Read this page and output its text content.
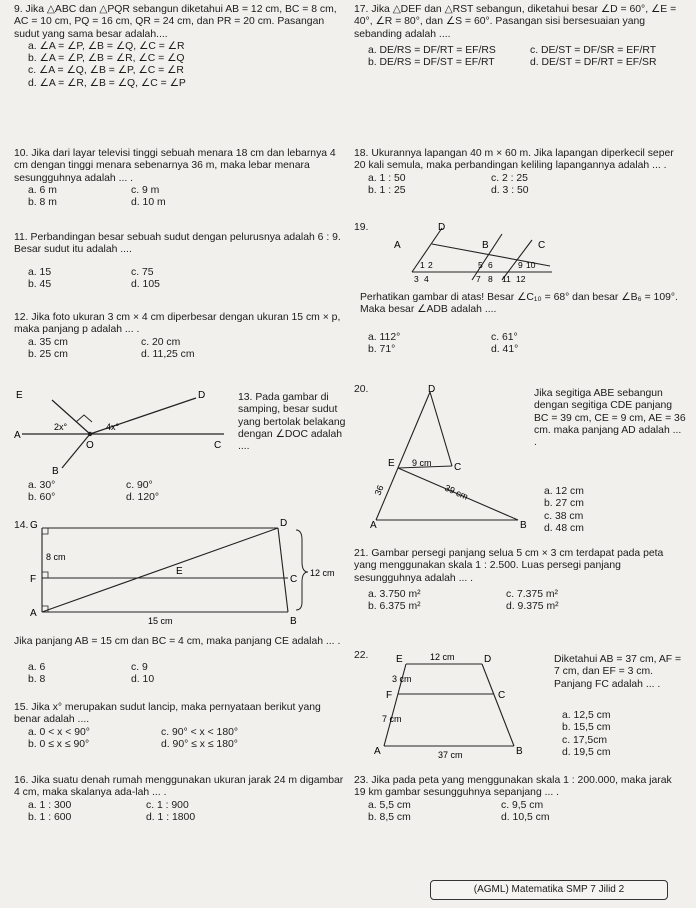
9. Jika △ABC dan △PQR sebangun diketahui AB = 12 cm, BC = 8 cm, AC = 10 cm, PQ = 16 cm, QR = 24 cm, dan PR = 20 cm. Pasangan sudut yang sama besar adalah....
a. ∠A = ∠P, ∠B = ∠Q, ∠C = ∠R
b. ∠A = ∠P, ∠B = ∠R, ∠C = ∠Q
c. ∠A = ∠Q, ∠B = ∠P, ∠C = ∠R
d. ∠A = ∠R, ∠B = ∠Q, ∠C = ∠P
10. Jika dari layar televisi tinggi sebuah menara 18 cm dan lebarnya 4 cm dengan tinggi menara sebenarnya 36 m, maka lebar menara sesungguhnya adalah ... .
a. 6 m	c. 9 m
b. 8 m	d. 10 m
11. Perbandingan besar sebuah sudut dengan pelurusnya adalah 6 : 9. Besar sudut itu adalah ....
a. 15	c. 75
b. 45	d. 105
12. Jika foto ukuran 3 cm × 4 cm diperbesar dengan ukuran 15 cm × p, maka panjang p adalah ... .
a. 35 cm	c. 20 cm
b. 25 cm	d. 11,25 cm
E	D
A
O	C
B
2x°	4x°
13. Pada gambar di samping, besar sudut yang bertolak belakang dengan ∠DOC adalah ....
a. 30°	c. 90°
b. 60°	d. 120°
14. G	D
F
E
C
A
B
8 cm
15 cm
12 cm
Jika panjang AB = 15 cm dan BC = 4 cm, maka panjang CE adalah ... .
a. 6	c. 9
b. 8	d. 10
15. Jika x° merupakan sudut lancip, maka pernyataan berikut yang benar adalah ....
a. 0 < x < 90°	c. 90° < x < 180°
b. 0 ≤ x ≤ 90°	d. 90° ≤ x ≤ 180°
16. Jika suatu denah rumah menggunakan ukuran jarak 24 m digambar 4 cm, maka skalanya ada-lah ... .
a. 1 : 300	c. 1 : 900
b. 1 : 600	d. 1 : 1800
17. Jika △DEF dan △RST sebangun, diketahui besar ∠D = 60°, ∠E = 40°, ∠R = 80°, dan ∠S = 60°. Pasangan sisi bersesuaian yang sebanding adalah ....
a. DE/RS = DF/RT = EF/RS	c. DE/ST = DF/SR = EF/RT
b. DE/RS = DF/ST = EF/RT	d. DE/ST = DF/RT = EF/SR
18. Ukurannya lapangan 40 m × 60 m. Jika lapangan diperkecil seper 20 kali semula, maka perbandingan keliling lapangannya adalah ... .
a. 1 : 50	c. 2 : 25
b. 1 : 25	d. 3 : 50
19.	D
A	B	C
1 2
3 4
5 6
7 8
9 10
11 12
Perhatikan gambar di atas! Besar ∠C₁₀ = 68° dan besar ∠B₆ = 109°. Maka besar ∠ADB adalah ....
a. 112°	c. 61°
b. 71°	d. 41°
20.	D
E	C
A	B
36
9 cm
39 cm
Jika segitiga ABE sebangun dengan segitiga CDE panjang BC = 39 cm, CE = 9 cm, AE = 36 cm. maka panjang AD adalah ... .
a. 12 cm
b. 27 cm
c. 38 cm
d. 48 cm
21. Gambar persegi panjang selua 5 cm × 3 cm terdapat pada peta yang menggunakan skala 1 : 2.500. Luas persegi panjang sesungguhnya adalah ... .
a. 3.750 m²	c. 7.375 m²
b. 6.375 m²	d. 9.375 m²
22.	E	D
F	C
A	B
12 cm
3 cm
7 cm
37 cm
Diketahui AB = 37 cm, AF = 7 cm, dan EF = 3 cm. Panjang FC adalah ... .
a. 12,5 cm
b. 15,5 cm
c. 17,5cm
d. 19,5 cm
23. Jika pada peta yang menggunakan skala 1 : 200.000, maka jarak 19 km gambar sesungguhnya sepanjang ... .
a. 5,5 cm	c. 9,5 cm
b. 8,5 cm	d. 10,5 cm
(AGML) Matematika SMP 7 Jilid 2
